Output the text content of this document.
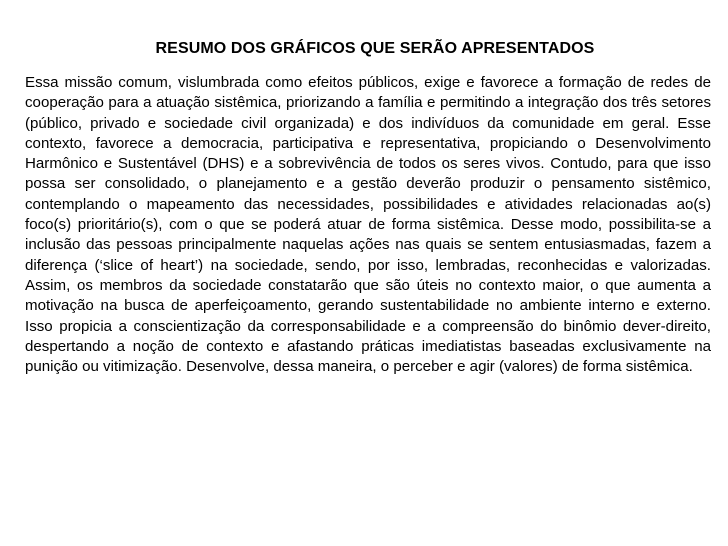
RESUMO DOS GRÁFICOS QUE SERÃO APRESENTADOS

Essa missão comum, vislumbrada como efeitos públicos, exige e favorece a formação de redes de cooperação para a atuação sistêmica, priorizando a família e permitindo a integração dos três setores (público, privado e sociedade civil organizada) e dos indivíduos da comunidade em geral. Esse contexto, favorece a democracia, participativa e representativa, propiciando o Desenvolvimento Harmônico e Sustentável (DHS) e a sobrevivência de todos os seres vivos. Contudo, para que isso possa ser consolidado, o planejamento e a gestão deverão produzir o pensamento sistêmico, contemplando o mapeamento das necessidades, possibilidades e atividades relacionadas ao(s) foco(s) prioritário(s), com o que se poderá atuar de forma sistêmica. Desse modo, possibilita-se a inclusão das pessoas principalmente naquelas ações nas quais se sentem entusiasmadas, fazem a diferença (‘slice of heart’) na sociedade, sendo, por isso, lembradas, reconhecidas e valorizadas. Assim, os membros da sociedade constatarão que são úteis no contexto maior, o que aumenta a motivação na busca de aperfeiçoamento, gerando sustentabilidade no ambiente interno e externo. Isso propicia a conscientização da corresponsabilidade e a compreensão do binômio dever-direito, despertando a noção de contexto e afastando práticas imediatistas baseadas exclusivamente na punição ou vitimização. Desenvolve, dessa maneira, o perceber e agir (valores) de forma sistêmica.
